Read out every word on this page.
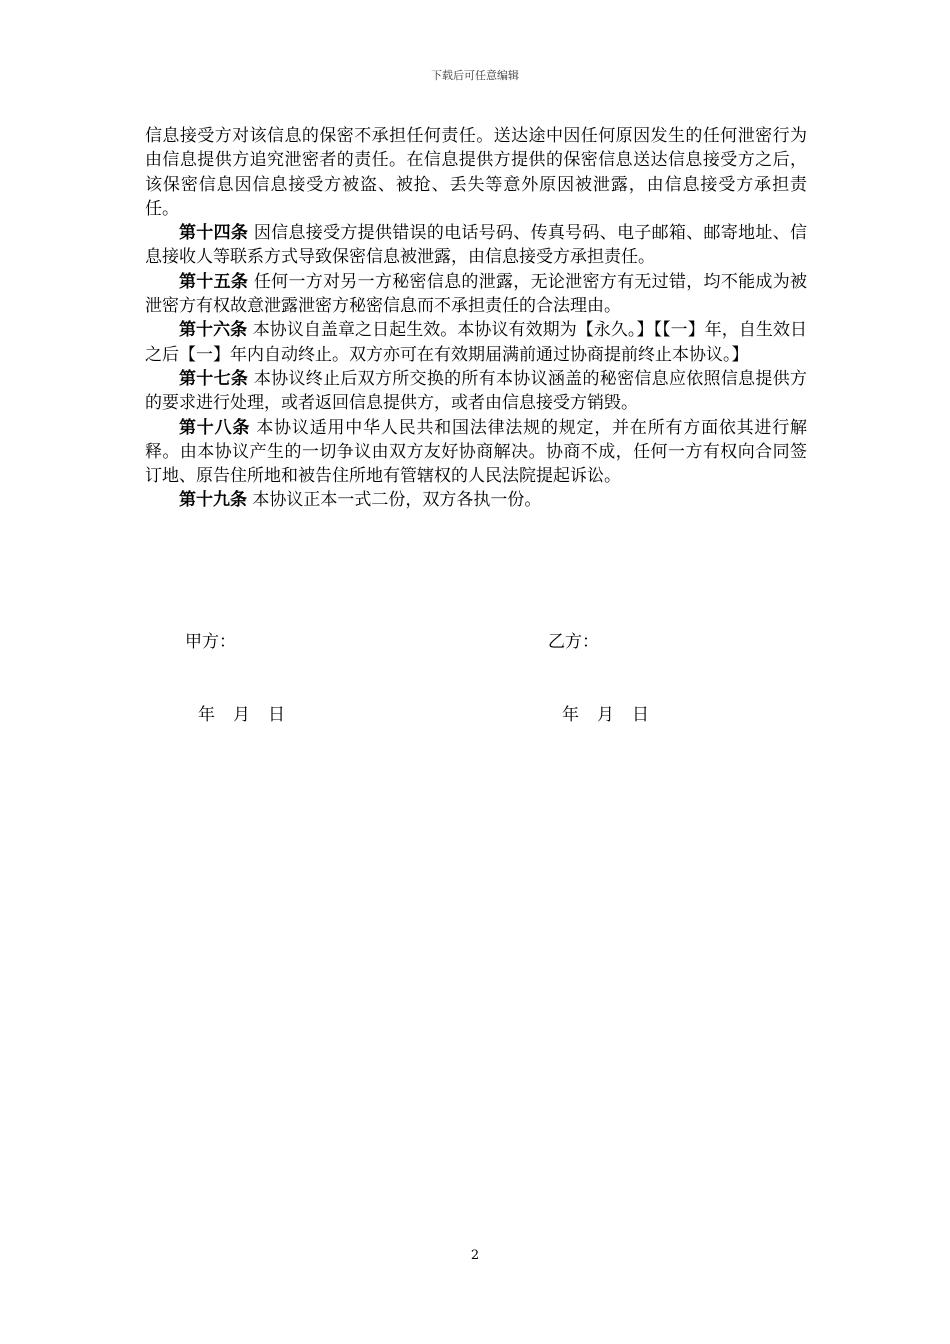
下载后可任意编辑

信息接受方对该信息的保密不承担任何责任。送达途中因任何原因发生的任何泄密行为由信息提供方追究泄密者的责任。在信息提供方提供的保密信息送达信息接受方之后，该保密信息因信息接受方被盗、被抢、丢失等意外原因被泄露，由信息接受方承担责任。

第十四条 因信息接受方提供错误的电话号码、传真号码、电子邮箱、邮寄地址、信息接收人等联系方式导致保密信息被泄露，由信息接受方承担责任。

第十五条 任何一方对另一方秘密信息的泄露，无论泄密方有无过错，均不能成为被泄密方有权故意泄露泄密方秘密信息而不承担责任的合法理由。

第十六条 本协议自盖章之日起生效。本协议有效期为【永久。】【【一】年，自生效日之后【一】年内自动终止。双方亦可在有效期届满前通过协商提前终止本协议。】

第十七条 本协议终止后双方所交换的所有本协议涵盖的秘密信息应依照信息提供方的要求进行处理，或者返回信息提供方，或者由信息接受方销毁。

第十八条 本协议适用中华人民共和国法律法规的规定，并在所有方面依其进行解释。由本协议产生的一切争议由双方友好协商解决。协商不成，任何一方有权向合同签订地、原告住所地和被告住所地有管辖权的人民法院提起诉讼。

第十九条 本协议正本一式二份，双方各执一份。

甲方：	乙方：
年 月 日	年 月 日
2
